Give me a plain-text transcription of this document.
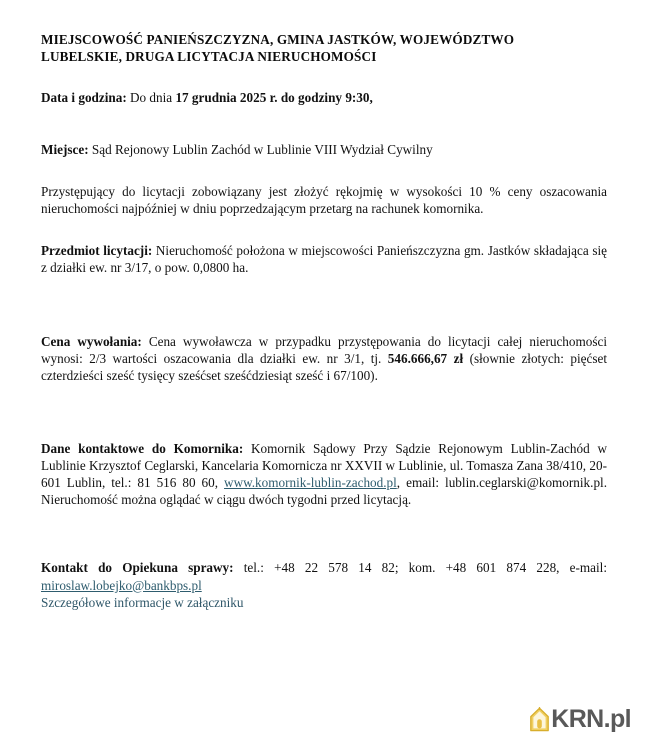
MIEJSCOWOŚĆ PANIEŃSZCZYZNA, GMINA JASTKÓW, WOJEWÓDZTWO
LUBELSKIE, DRUGA LICYTACJA NIERUCHOMOŚCI

Data i godzina: Do dnia 17 grudnia 2025 r. do godziny 9:30,

Miejsce: Sąd Rejonowy Lublin Zachód w Lublinie VIII Wydział Cywilny

Przystępujący do licytacji zobowiązany jest złożyć rękojmię w wysokości 10 % ceny oszacowania nieruchomości najpóźniej w dniu poprzedzającym przetarg na rachunek komornika.

Przedmiot licytacji: Nieruchomość położona w miejscowości Panieńszczyzna gm. Jastków składająca się z działki ew. nr 3/17, o pow. 0,0800 ha.

Cena wywołania: Cena wywoławcza w przypadku przystępowania do licytacji całej nieruchomości wynosi: 2/3 wartości oszacowania dla działki ew. nr 3/1, tj. 546.666,67 zł (słownie złotych: pięćset czterdzieści sześć tysięcy sześćset sześćdziesiąt sześć i 67/100).

Dane kontaktowe do Komornika: Komornik Sądowy Przy Sądzie Rejonowym Lublin-Zachód w Lublinie Krzysztof Ceglarski, Kancelaria Komornicza nr XXVII w Lublinie, ul. Tomasza Zana 38/410, 20-601 Lublin, tel.: 81 516 80 60, www.komornik-lublin-zachod.pl, email: lublin.ceglarski@komornik.pl. Nieruchomość można oglądać w ciągu dwóch tygodni przed licytacją.

Kontakt do Opiekuna sprawy: tel.: +48 22 578 14 82; kom. +48 601 874 228, e-mail: miroslaw.lobejko@bankbps.pl

Szczegółowe informacje w załączniku

KRN.pl
